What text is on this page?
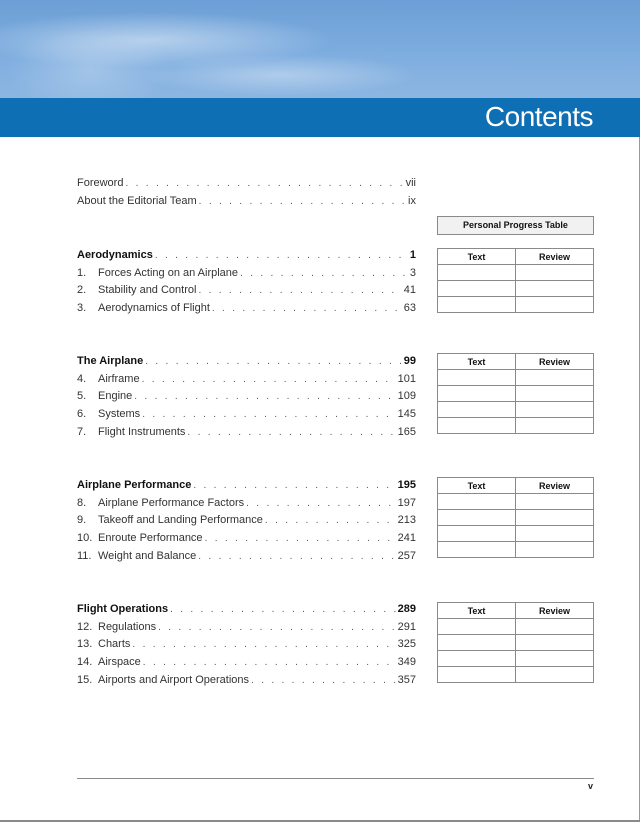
Contents
Foreword . . .	vii
About the Editorial Team . . .	ix
Personal Progress Table
Aerodynamics . . .	1
1.	Forces Acting on an Airplane . . .	3
2.	Stability and Control . . .	41
3.	Aerodynamics of Flight . . .	63
Text	Review

The Airplane . . .	99
4.	Airframe . . .	101
5.	Engine . . .	109
6.	Systems . . .	145
7.	Flight Instruments . . .	165
Text	Review

Airplane Performance . . .	195
8.	Airplane Performance Factors . . .	197
9.	Takeoff and Landing Performance . . .	213
10. Enroute Performance . . .	241
11. Weight and Balance . . .	257
Text	Review

Flight Operations . . .	289
12. Regulations . . .	291
13. Charts . . .	325
14. Airspace . . .	349
15. Airports and Airport Operations . . .	357
Text	Review

v
